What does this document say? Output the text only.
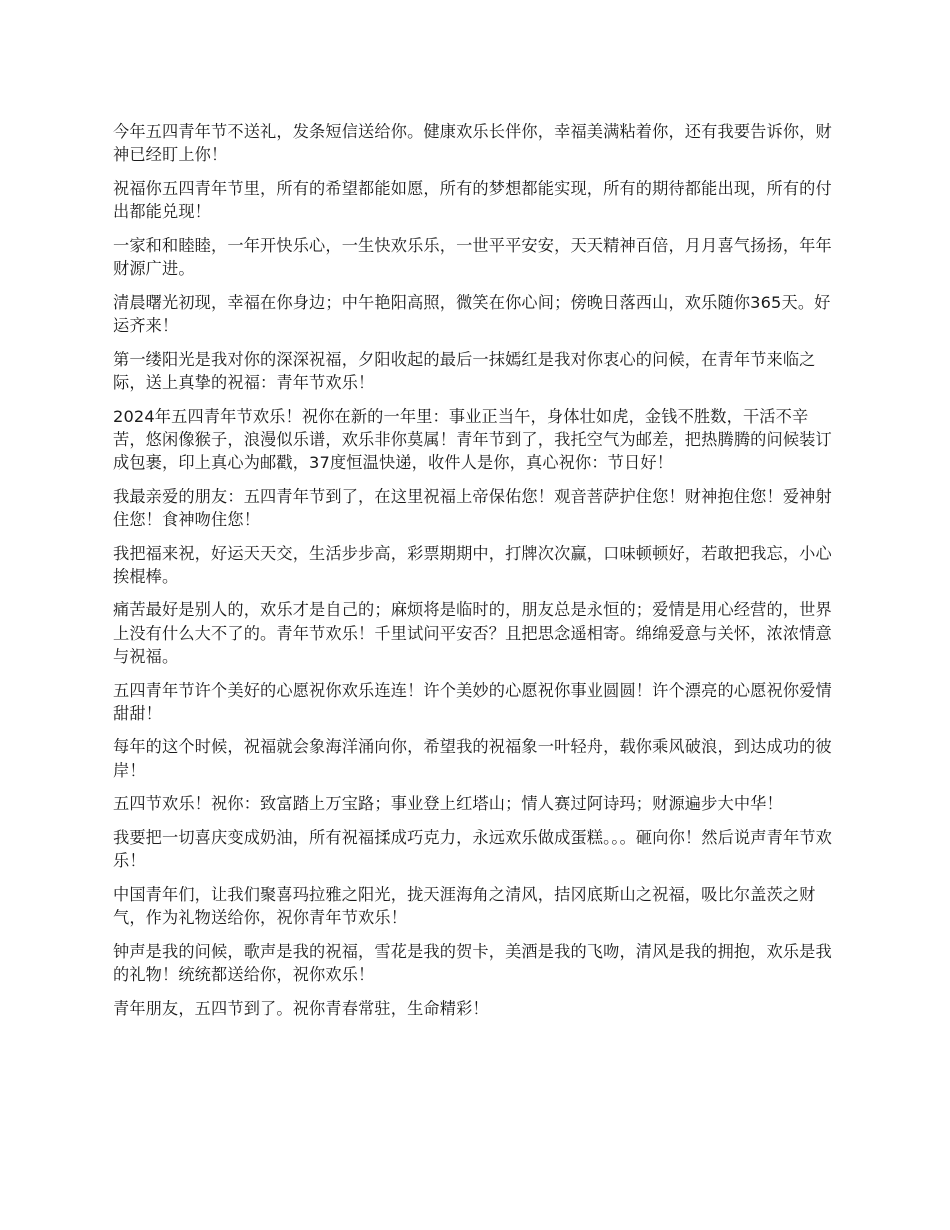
今年五四青年节不送礼，发条短信送给你。健康欢乐长伴你，幸福美满粘着你，还有我要告诉你，财神已经盯上你！

祝福你五四青年节里，所有的希望都能如愿，所有的梦想都能实现，所有的期待都能出现，所有的付出都能兑现！

一家和和睦睦，一年开快乐心，一生快欢乐乐，一世平平安安，天天精神百倍，月月喜气扬扬，年年财源广进。

清晨曙光初现，幸福在你身边；中午艳阳高照，微笑在你心间；傍晚日落西山，欢乐随你365天。好运齐来！

第一缕阳光是我对你的深深祝福，夕阳收起的最后一抹嫣红是我对你衷心的问候，在青年节来临之际，送上真挚的祝福：青年节欢乐！

2024年五四青年节欢乐！祝你在新的一年里：事业正当午，身体壮如虎，金钱不胜数，干活不辛苦，悠闲像猴子，浪漫似乐谱，欢乐非你莫属！青年节到了，我托空气为邮差，把热腾腾的问候装订成包裹，印上真心为邮戳，37度恒温快递，收件人是你，真心祝你：节日好！

我最亲爱的朋友：五四青年节到了，在这里祝福上帝保佑您！观音菩萨护住您！财神抱住您！爱神射住您！食神吻住您！

我把福来祝，好运天天交，生活步步高，彩票期期中，打牌次次赢，口味顿顿好，若敢把我忘，小心挨棍棒。

痛苦最好是别人的，欢乐才是自己的；麻烦将是临时的，朋友总是永恒的；爱情是用心经营的，世界上没有什么大不了的。青年节欢乐！千里试问平安否？且把思念遥相寄。绵绵爱意与关怀，浓浓情意与祝福。

五四青年节许个美好的心愿祝你欢乐连连！许个美妙的心愿祝你事业圆圆！许个漂亮的心愿祝你爱情甜甜！

每年的这个时候，祝福就会象海洋涌向你，希望我的祝福象一叶轻舟，载你乘风破浪，到达成功的彼岸！

五四节欢乐！祝你：致富踏上万宝路；事业登上红塔山；情人赛过阿诗玛；财源遍步大中华！

我要把一切喜庆变成奶油，所有祝福揉成巧克力，永远欢乐做成蛋糕。。。砸向你！然后说声青年节欢乐！

中国青年们，让我们聚喜玛拉雅之阳光，拢天涯海角之清风，拮冈底斯山之祝福，吸比尔盖茨之财气，作为礼物送给你，祝你青年节欢乐！

钟声是我的问候，歌声是我的祝福，雪花是我的贺卡，美酒是我的飞吻，清风是我的拥抱，欢乐是我的礼物！统统都送给你，祝你欢乐！

青年朋友，五四节到了。祝你青春常驻，生命精彩！
